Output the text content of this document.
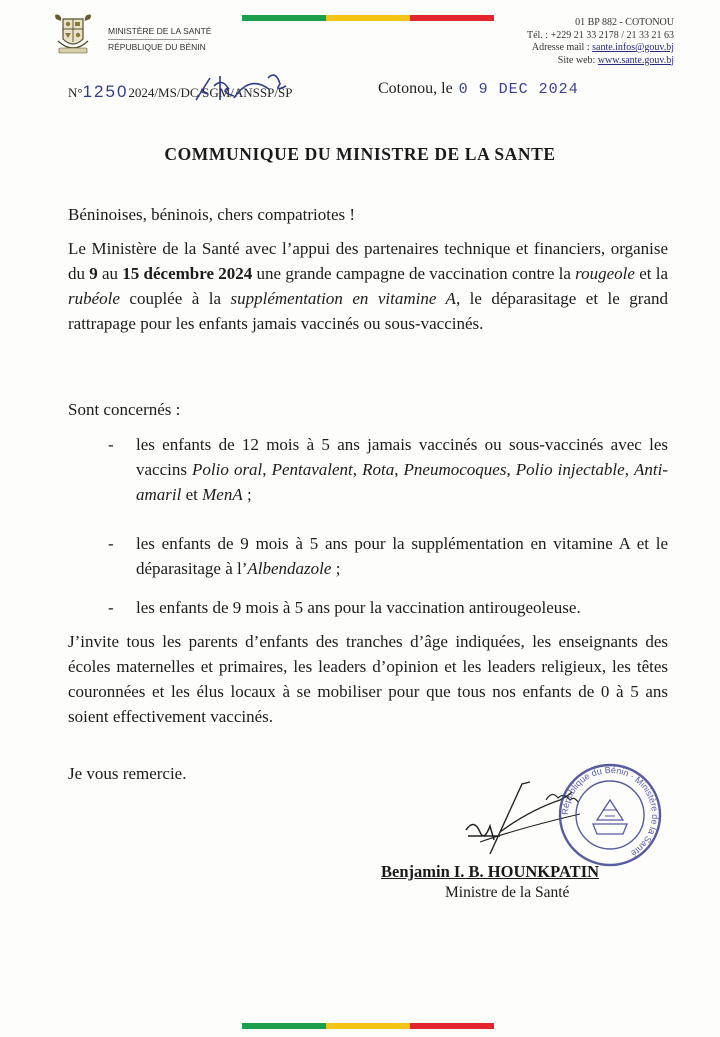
MINISTÈRE DE LA SANTÉ
RÉPUBLIQUE DU BÉNIN
01 BP 882 - COTONOU
Tél. : +229 21 33 2178 / 21 33 21 63
Adresse mail : sante.infos@gouv.bj
Site web: www.sante.gouv.bj
N°12502024/MS/DC/SGM/ANSSP/SP	Cotonou, le 0 9 DEC 2024
COMMUNIQUE DU MINISTRE DE LA SANTE
Béninoises, béninois, chers compatriotes !
Le Ministère de la Santé avec l’appui des partenaires technique et financiers, organise du 9 au 15 décembre 2024 une grande campagne de vaccination contre la rougeole et la rubéole couplée à la supplémentation en vitamine A, le déparasitage et le grand rattrapage pour les enfants jamais vaccinés ou sous-vaccinés.
Sont concernés :
- les enfants de 12 mois à 5 ans jamais vaccinés ou sous-vaccinés avec les vaccins Polio oral, Pentavalent, Rota, Pneumocoques, Polio injectable, Anti-amaril et MenA ;
- les enfants de 9 mois à 5 ans pour la supplémentation en vitamine A et le déparasitage à l’Albendazole ;
- les enfants de 9 mois à 5 ans pour la vaccination antirougeoleuse.
J’invite tous les parents d’enfants des tranches d’âge indiquées, les enseignants des écoles maternelles et primaires, les leaders d’opinion et les leaders religieux, les têtes couronnées et les élus locaux à se mobiliser pour que tous nos enfants de 0 à 5 ans soient effectivement vaccinés.
Je vous remercie.
République du Bénin · Ministère de la Santé
Benjamin I. B. HOUNKPATIN
Ministre de la Santé
